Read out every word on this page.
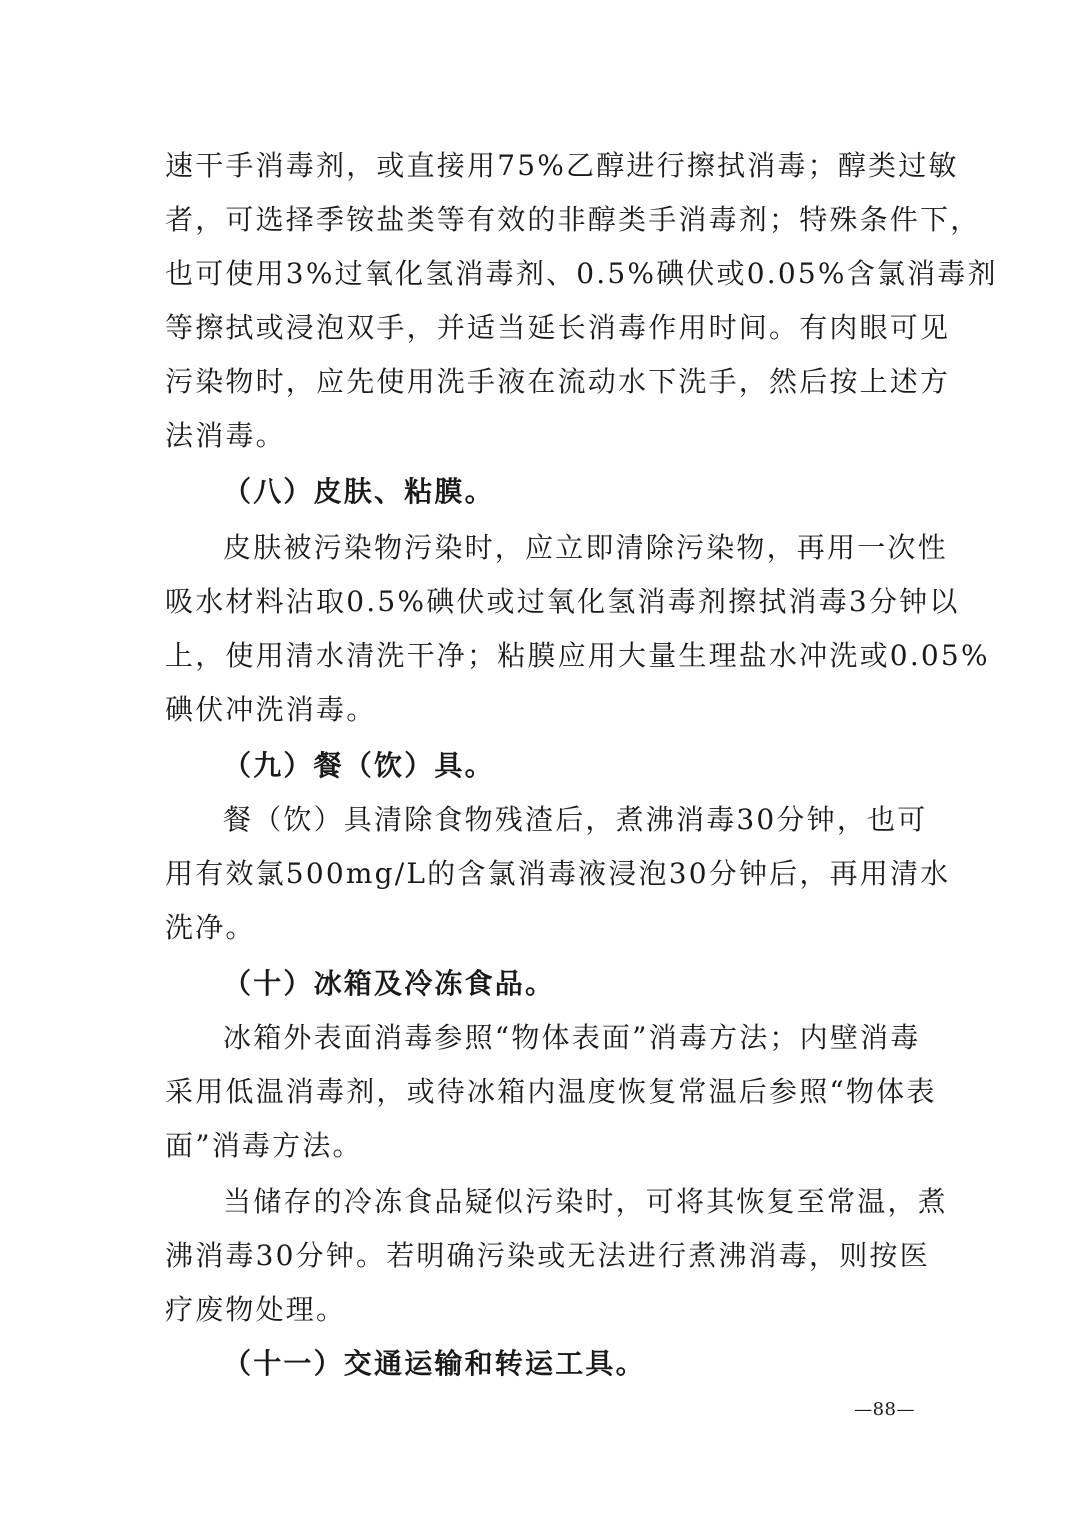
速干手消毒剂，或直接用75%乙醇进行擦拭消毒；醇类过敏
者，可选择季铵盐类等有效的非醇类手消毒剂；特殊条件下，
也可使用3%过氧化氢消毒剂、0.5%碘伏或0.05%含氯消毒剂
等擦拭或浸泡双手，并适当延长消毒作用时间。有肉眼可见
污染物时，应先使用洗手液在流动水下洗手，然后按上述方
法消毒。
（八）皮肤、粘膜。
皮肤被污染物污染时，应立即清除污染物，再用一次性
吸水材料沾取0.5%碘伏或过氧化氢消毒剂擦拭消毒3分钟以
上，使用清水清洗干净；粘膜应用大量生理盐水冲洗或0.05%
碘伏冲洗消毒。
（九）餐（饮）具。
餐（饮）具清除食物残渣后，煮沸消毒30分钟，也可
用有效氯500mg/L的含氯消毒液浸泡30分钟后，再用清水
洗净。
（十）冰箱及冷冻食品。
冰箱外表面消毒参照“物体表面”消毒方法；内壁消毒
采用低温消毒剂，或待冰箱内温度恢复常温后参照“物体表
面”消毒方法。
当储存的冷冻食品疑似污染时，可将其恢复至常温，煮
沸消毒30分钟。若明确污染或无法进行煮沸消毒，则按医
疗废物处理。
（十一）交通运输和转运工具。
—88—
